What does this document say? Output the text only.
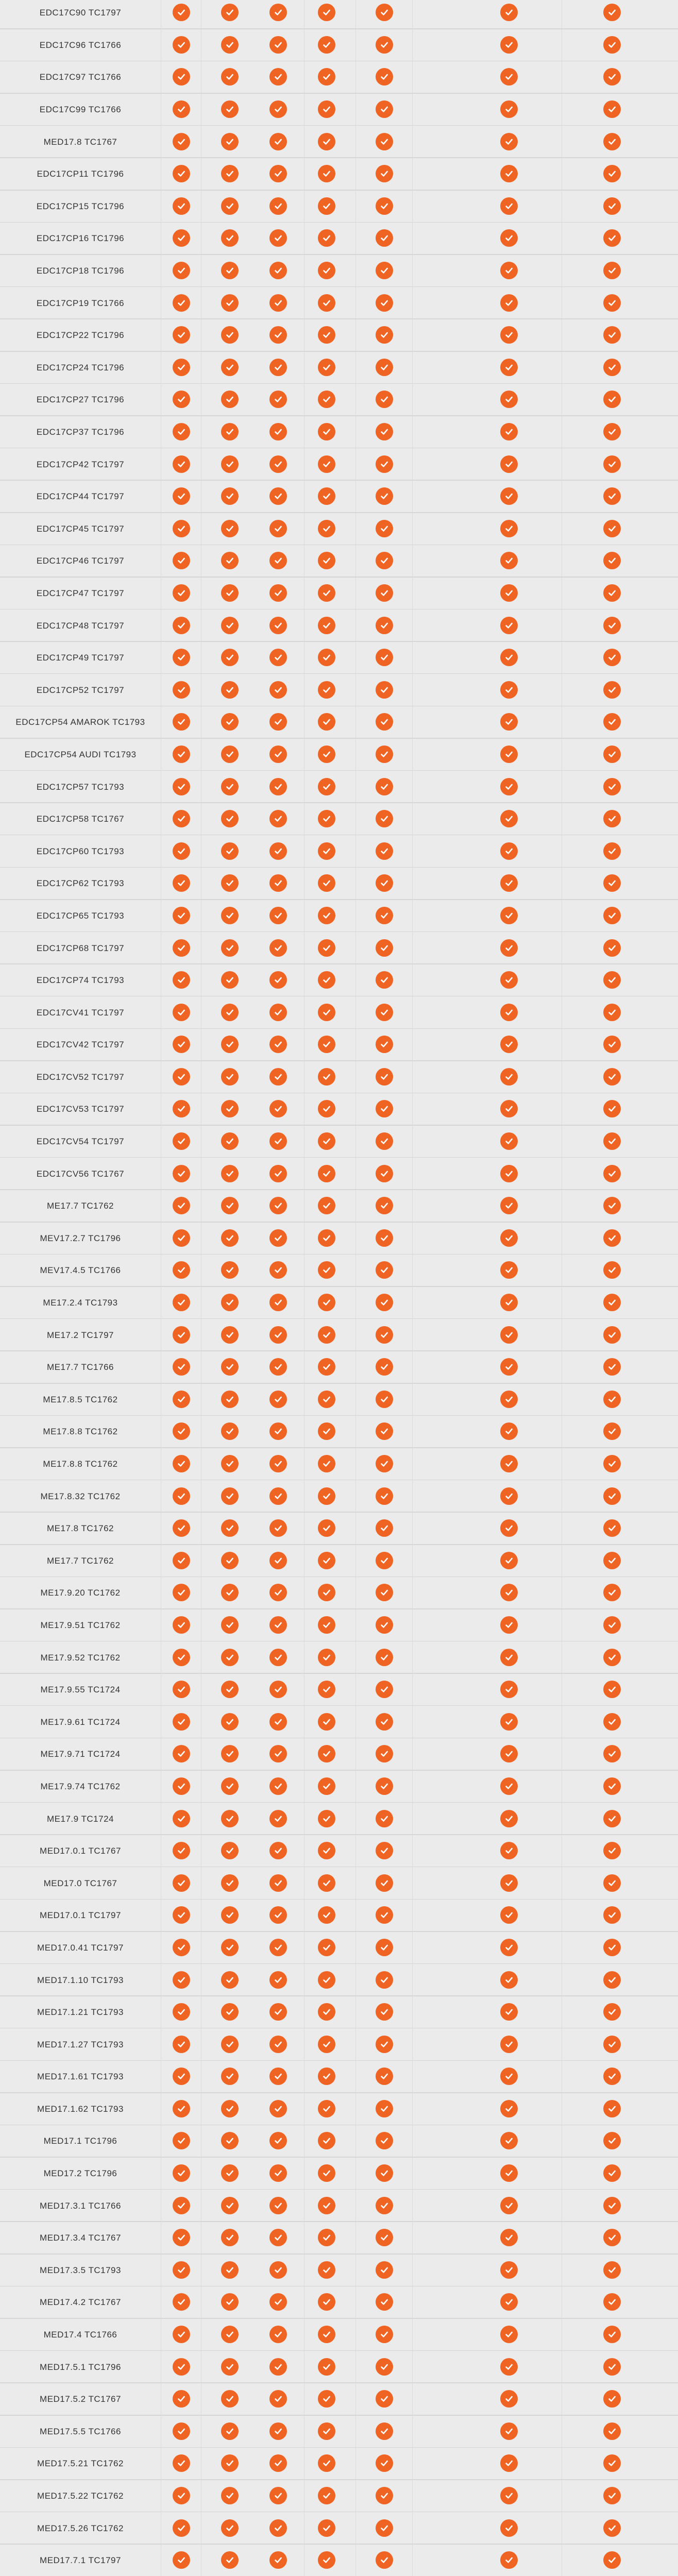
EDC17C90 TC1797
EDC17C96 TC1766
EDC17C97 TC1766
EDC17C99 TC1766
MED17.8 TC1767
EDC17CP11 TC1796
EDC17CP15 TC1796
EDC17CP16 TC1796
EDC17CP18 TC1796
EDC17CP19 TC1766
EDC17CP22 TC1796
EDC17CP24 TC1796
EDC17CP27 TC1796
EDC17CP37 TC1796
EDC17CP42 TC1797
EDC17CP44 TC1797
EDC17CP45 TC1797
EDC17CP46 TC1797
EDC17CP47 TC1797
EDC17CP48 TC1797
EDC17CP49 TC1797
EDC17CP52 TC1797
EDC17CP54 AMAROK TC1793
EDC17CP54 AUDI TC1793
EDC17CP57 TC1793
EDC17CP58 TC1767
EDC17CP60 TC1793
EDC17CP62 TC1793
EDC17CP65 TC1793
EDC17CP68 TC1797
EDC17CP74 TC1793
EDC17CV41 TC1797
EDC17CV42 TC1797
EDC17CV52 TC1797
EDC17CV53 TC1797
EDC17CV54 TC1797
EDC17CV56 TC1767
ME17.7 TC1762
MEV17.2.7 TC1796
MEV17.4.5 TC1766
ME17.2.4 TC1793
ME17.2 TC1797
ME17.7 TC1766
ME17.8.5 TC1762
ME17.8.8 TC1762
ME17.8.8 TC1762
ME17.8.32 TC1762
ME17.8 TC1762
ME17.7 TC1762
ME17.9.20 TC1762
ME17.9.51 TC1762
ME17.9.52 TC1762
ME17.9.55 TC1724
ME17.9.61 TC1724
ME17.9.71 TC1724
ME17.9.74 TC1762
ME17.9 TC1724
MED17.0.1 TC1767
MED17.0 TC1767
MED17.0.1 TC1797
MED17.0.41 TC1797
MED17.1.10 TC1793
MED17.1.21 TC1793
MED17.1.27 TC1793
MED17.1.61 TC1793
MED17.1.62 TC1793
MED17.1 TC1796
MED17.2 TC1796
MED17.3.1 TC1766
MED17.3.4 TC1767
MED17.3.5 TC1793
MED17.4.2 TC1767
MED17.4 TC1766
MED17.5.1 TC1796
MED17.5.2 TC1767
MED17.5.5 TC1766
MED17.5.21 TC1762
MED17.5.22 TC1762
MED17.5.26 TC1762
MED17.7.1 TC1797
